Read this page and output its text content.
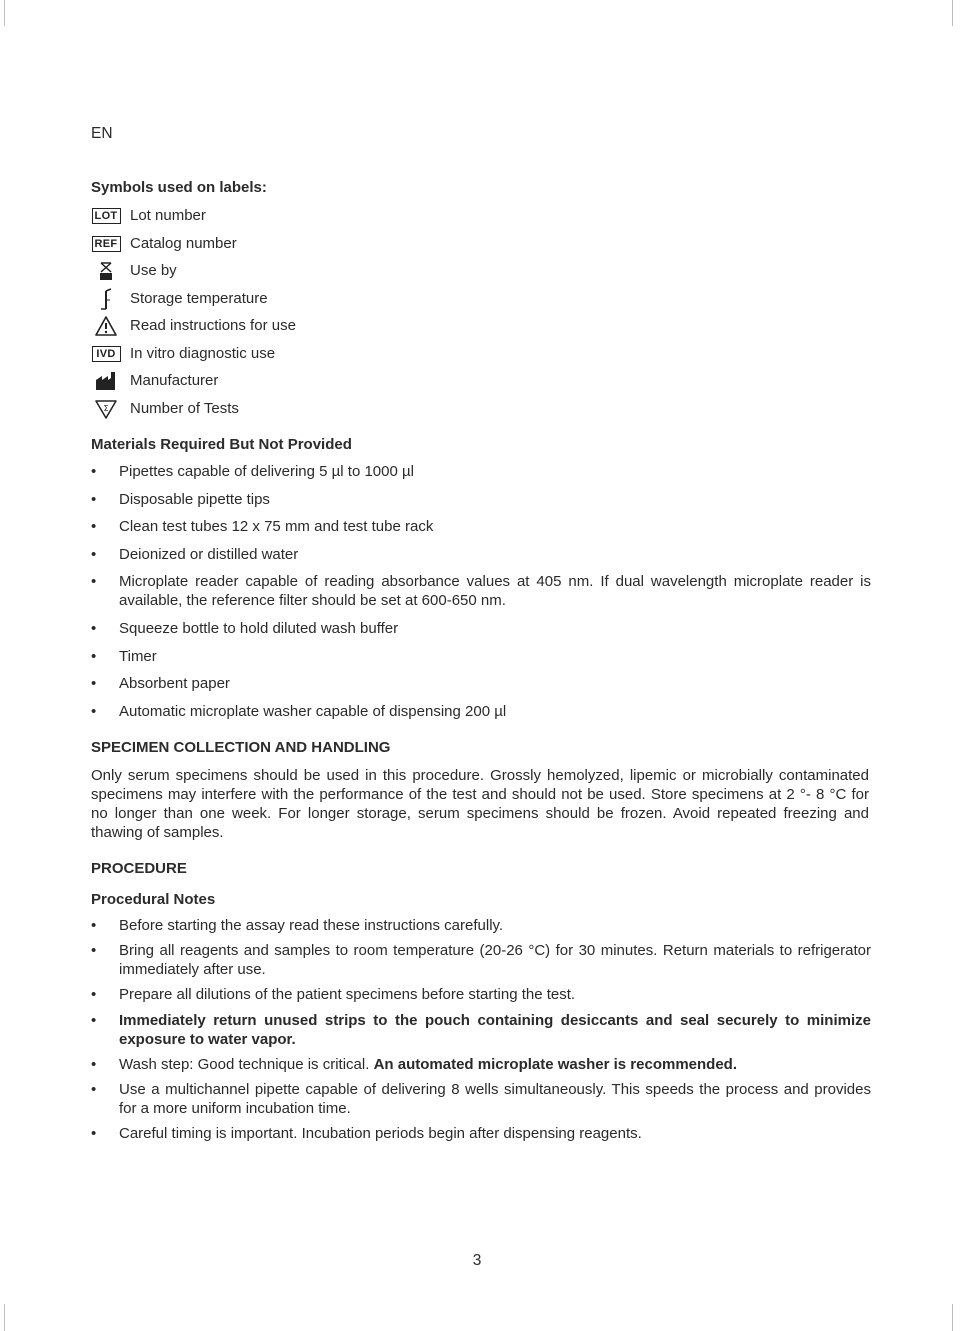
EN
Symbols used on labels:
LOT Lot number
REF Catalog number
Use by
Storage temperature
Read instructions for use
IVD In vitro diagnostic use
Manufacturer
Σ Number of Tests
Materials Required But Not Provided
• Pipettes capable of delivering 5 µl to 1000 µl
• Disposable pipette tips
• Clean test tubes 12 x 75 mm and test tube rack
• Deionized or distilled water
• Microplate reader capable of reading absorbance values at 405 nm. If dual wavelength microplate reader is available, the reference filter should be set at 600-650 nm.
• Squeeze bottle to hold diluted wash buffer
• Timer
• Absorbent paper
• Automatic microplate washer capable of dispensing 200 µl
SPECIMEN COLLECTION AND HANDLING
Only serum specimens should be used in this procedure. Grossly hemolyzed, lipemic or microbially contaminated specimens may interfere with the performance of the test and should not be used. Store specimens at 2 °- 8 °C for no longer than one week. For longer storage, serum specimens should be frozen. Avoid repeated freezing and thawing of samples.
PROCEDURE
Procedural Notes
• Before starting the assay read these instructions carefully.
• Bring all reagents and samples to room temperature (20-26 °C) for 30 minutes. Return materials to refrigerator immediately after use.
• Prepare all dilutions of the patient specimens before starting the test.
• Immediately return unused strips to the pouch containing desiccants and seal securely to minimize exposure to water vapor.
• Wash step: Good technique is critical. An automated microplate washer is recommended.
• Use a multichannel pipette capable of delivering 8 wells simultaneously. This speeds the process and provides for a more uniform incubation time.
• Careful timing is important. Incubation periods begin after dispensing reagents.
3
